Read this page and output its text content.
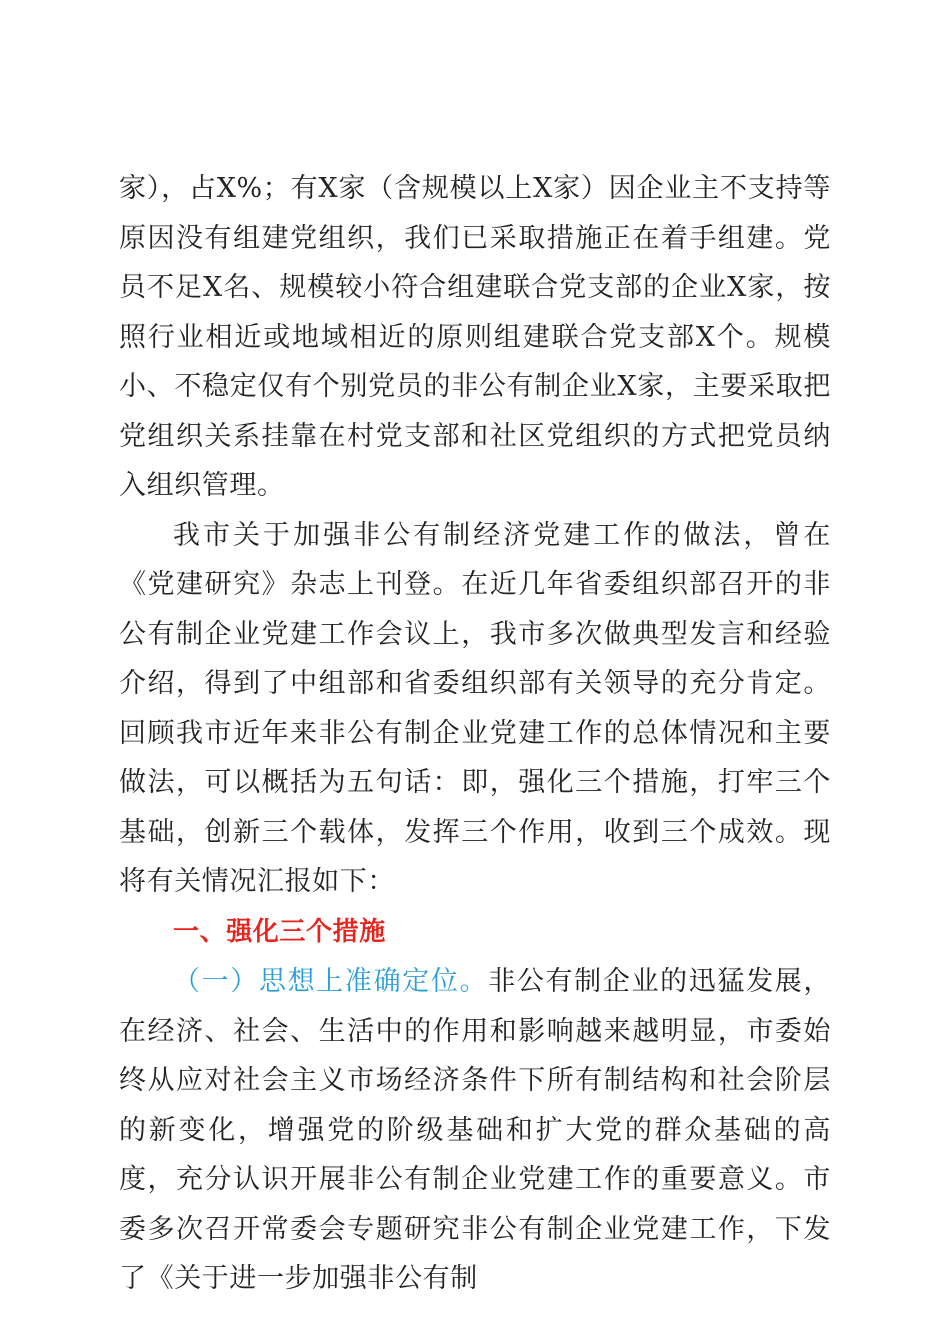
家），占X%；有X家（含规模以上X家）因企业主不支持等原因没有组建党组织，我们已采取措施正在着手组建。党员不足X名、规模较小符合组建联合党支部的企业X家，按照行业相近或地域相近的原则组建联合党支部X个。规模小、不稳定仅有个别党员的非公有制企业X家，主要采取把党组织关系挂靠在村党支部和社区党组织的方式把党员纳入组织管理。

我市关于加强非公有制经济党建工作的做法，曾在《党建研究》杂志上刊登。在近几年省委组织部召开的非公有制企业党建工作会议上，我市多次做典型发言和经验介绍，得到了中组部和省委组织部有关领导的充分肯定。回顾我市近年来非公有制企业党建工作的总体情况和主要做法，可以概括为五句话：即，强化三个措施，打牢三个基础，创新三个载体，发挥三个作用，收到三个成效。现将有关情况汇报如下：

一、强化三个措施

（一）思想上准确定位。非公有制企业的迅猛发展，在经济、社会、生活中的作用和影响越来越明显，市委始终从应对社会主义市场经济条件下所有制结构和社会阶层的新变化，增强党的阶级基础和扩大党的群众基础的高度，充分认识开展非公有制企业党建工作的重要意义。市委多次召开常委会专题研究非公有制企业党建工作，下发了《关于进一步加强非公有制
